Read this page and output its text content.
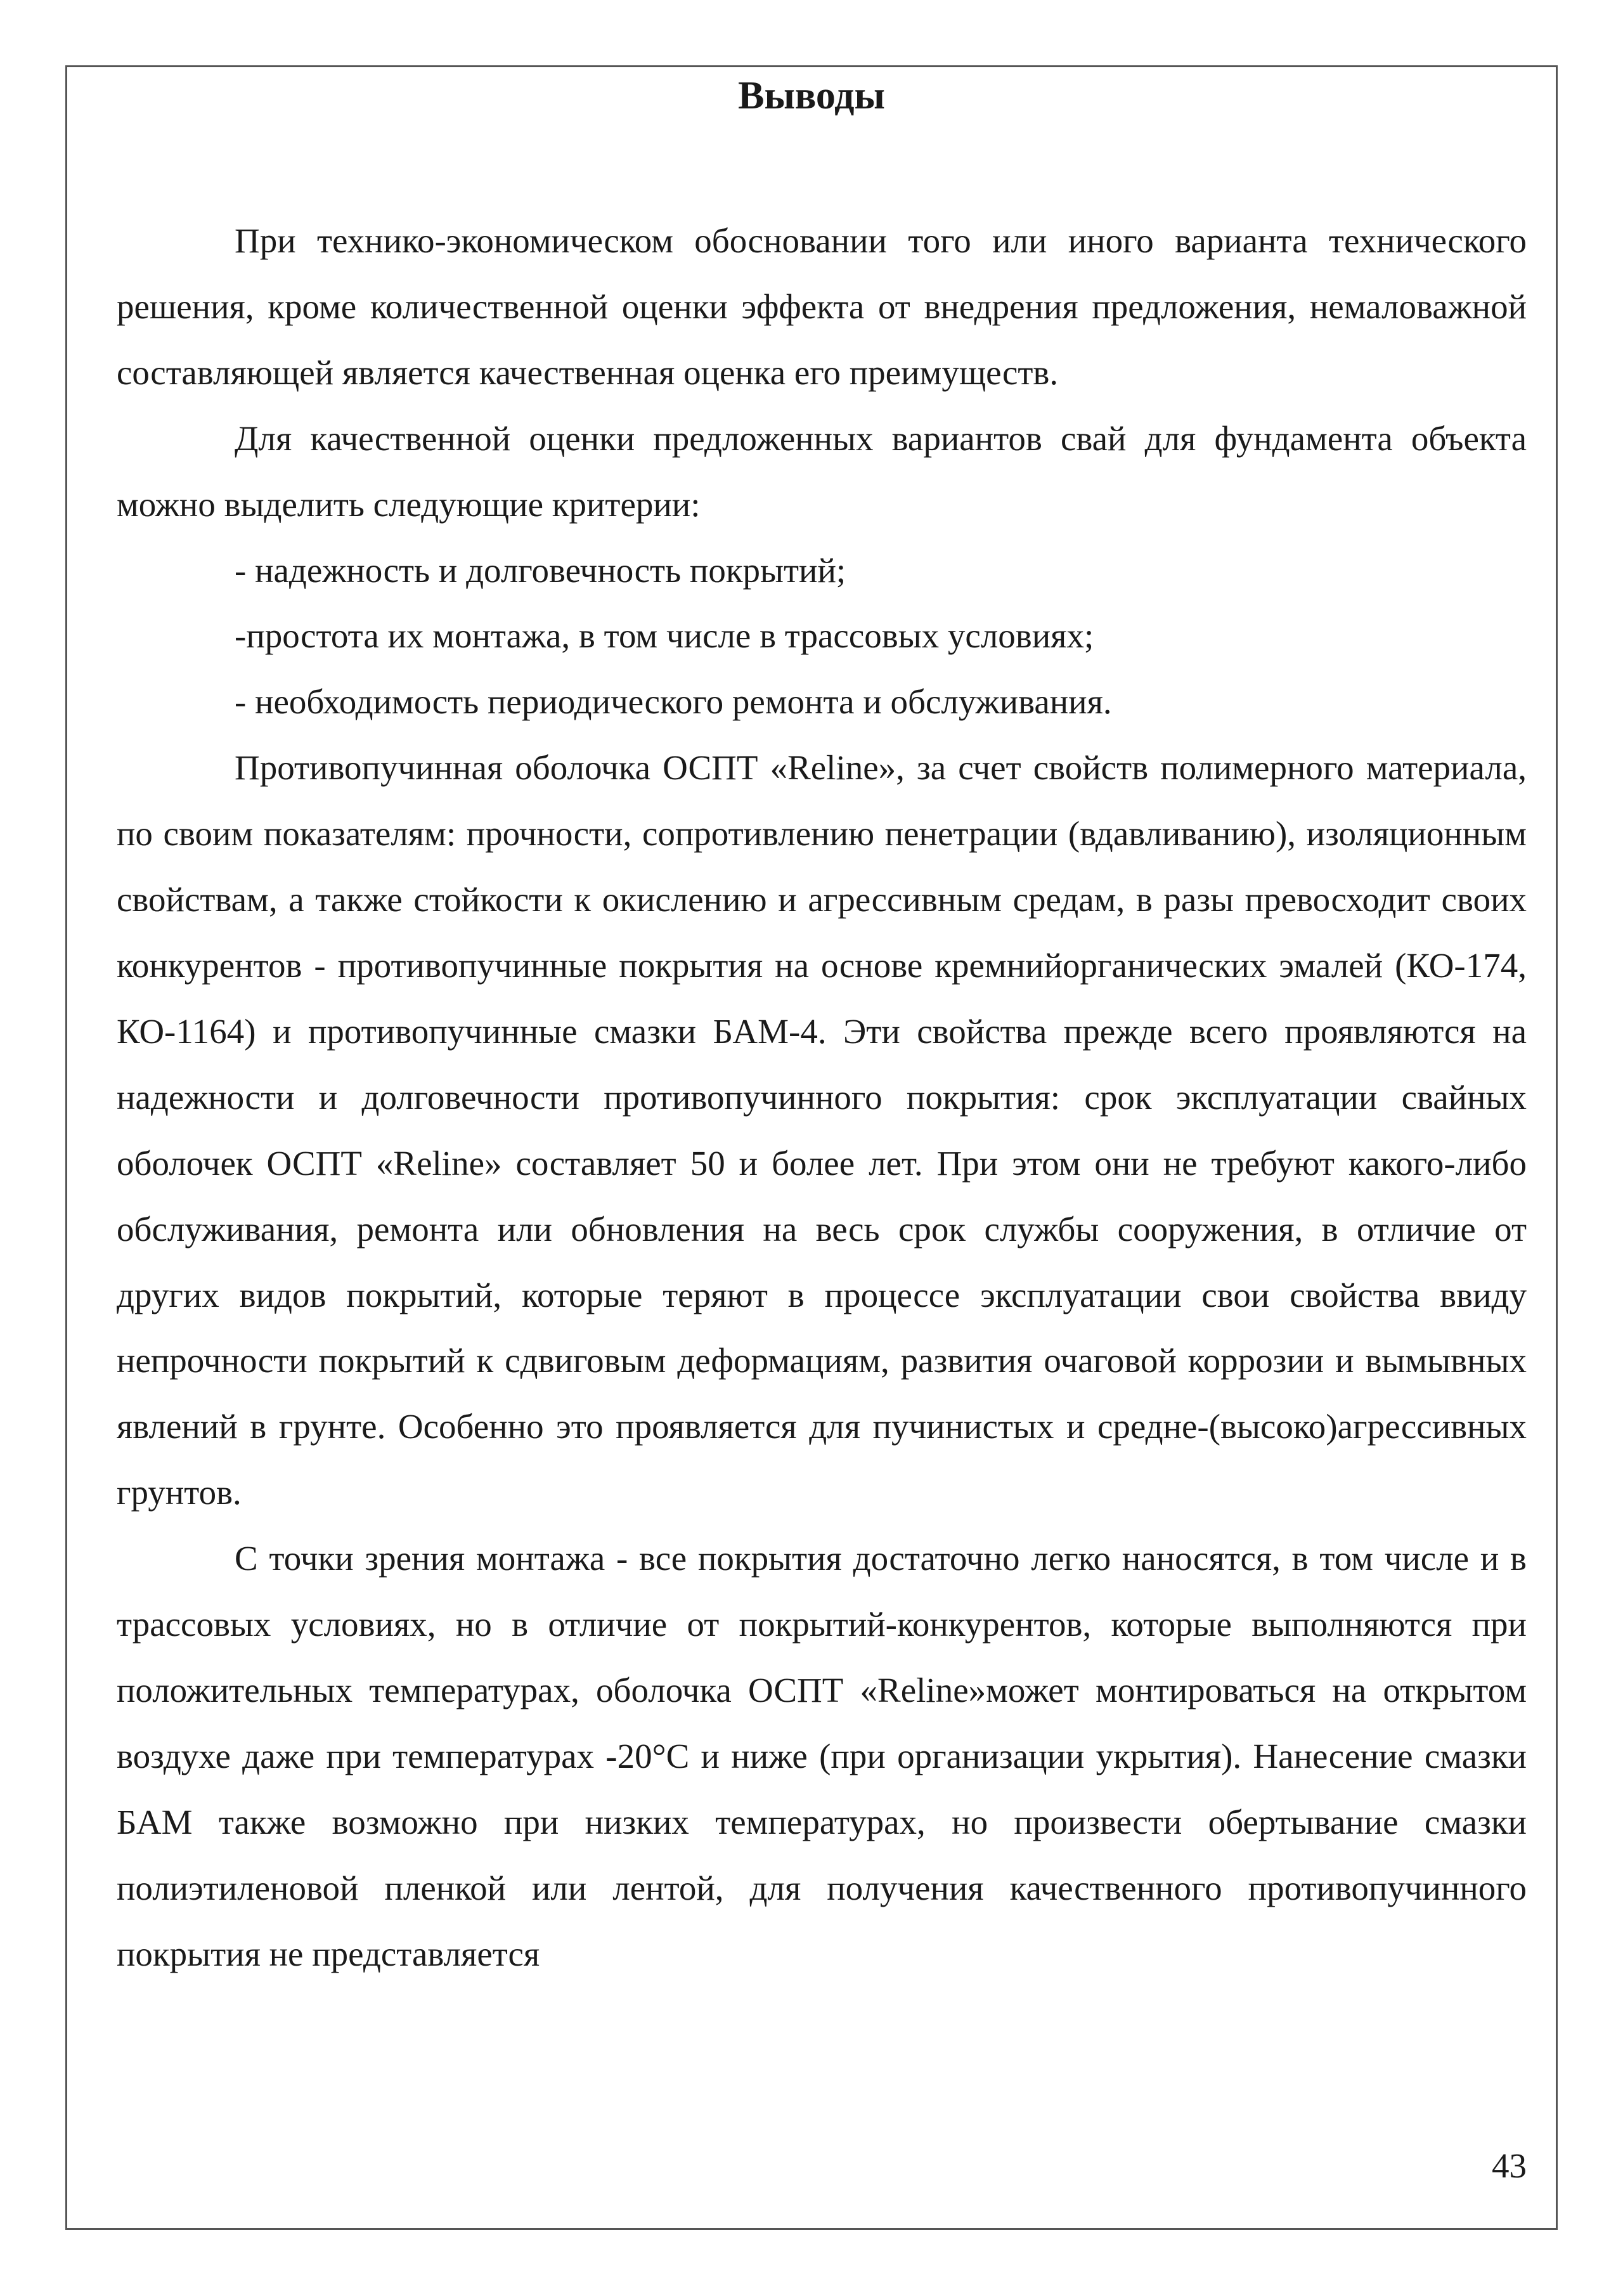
Выводы

При технико-экономическом обосновании того или иного варианта технического решения, кроме количественной оценки эффекта от внедрения предложения, немаловажной составляющей является качественная оценка его преимуществ.

Для качественной оценки предложенных вариантов свай для фундамента объекта можно выделить следующие критерии:

- надежность и долговечность покрытий;

-простота их монтажа, в том числе в трассовых условиях;

- необходимость периодического ремонта и обслуживания.

Противопучинная оболочка ОСПТ «Reline», за счет свойств полимерного материала, по своим показателям: прочности, сопротивлению пенетрации (вдавливанию), изоляционным свойствам, а также стойкости к окислению и агрессивным средам, в разы превосходит своих конкурентов - противопучинные покрытия на основе кремнийорганических эмалей (КО-174, КО-1164) и противопучинные смазки БАМ-4. Эти свойства прежде всего проявляются на надежности и долговечности противопучинного покрытия: срок эксплуатации свайных оболочек ОСПТ «Reline» составляет 50 и более лет. При этом они не требуют какого-либо обслуживания, ремонта или обновления на весь срок службы сооружения, в отличие от других видов покрытий, которые теряют в процессе эксплуатации свои свойства ввиду непрочности покрытий к сдвиговым деформациям, развития очаговой коррозии и вымывных явлений в грунте. Особенно это проявляется для пучинистых и средне-(высоко)агрессивных грунтов.

С точки зрения монтажа - все покрытия достаточно легко наносятся, в том числе и в трассовых условиях, но в отличие от покрытий-конкурентов, которые выполняются при положительных температурах, оболочка ОСПТ «Reline»может монтироваться на открытом воздухе даже при температурах -20°С и ниже (при организации укрытия). Нанесение смазки БАМ также возможно при низких температурах, но произвести обертывание смазки полиэтиленовой пленкой или лентой, для получения качественного противопучинного покрытия не представляется

43
